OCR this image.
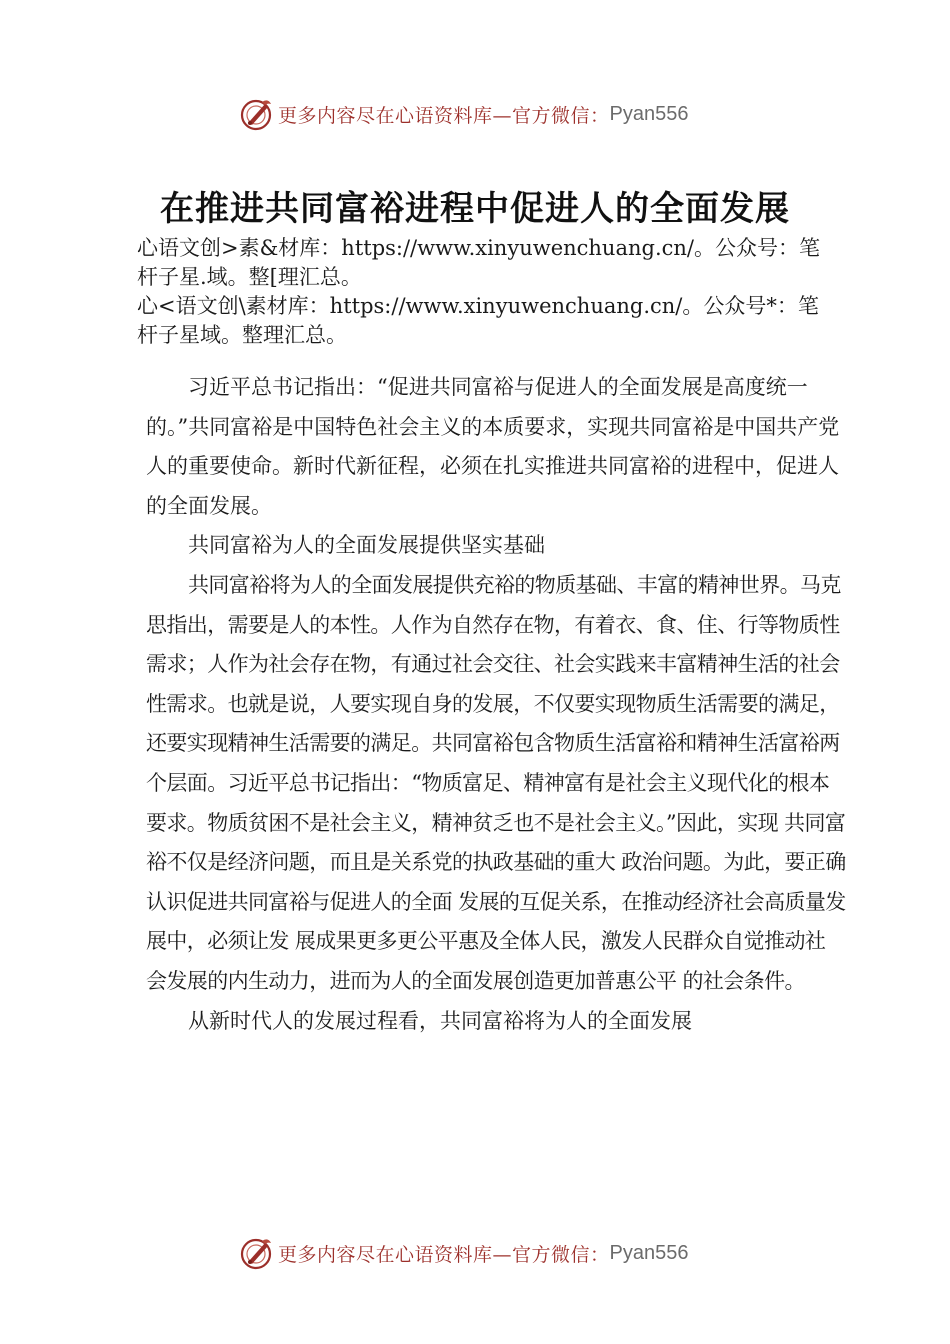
更多内容尽在心语资料库—官方微信： Pyan556
在推进共同富裕进程中促进人的全面发展

心语文创>素&材库：https://www.xinyuwenchuang.cn/。公众号：笔杆子星.域。整[理汇总。

心<语文创\素材库：https://www.xinyuwenchuang.cn/。公众号*：笔杆子星域。整理汇总。

习近平总书记指出：“促进共同富裕与促进人的全面发展是高度统一的。”共同富裕是中国特色社会主义的本质要求，实现共同富裕是中国共产党人的重要使命。新时代新征程，必须在扎实推进共同富裕的进程中，促进人的全面发展。

共同富裕为人的全面发展提供坚实基础

共同富裕将为人的全面发展提供充裕的物质基础、丰富的精神世界。马克思指出，需要是人的本性。人作为自然存在物，有着衣、食、住、行等物质性需求；人作为社会存在物，有通过社会交往、社会实践来丰富精神生活的社会性需求。也就是说，人要实现自身的发展，不仅要实现物质生活需要的满足，还要实现精神生活需要的满足。共同富裕包含物质生活富裕和精神生活富裕两个层面。习近平总书记指出：“物质富足、精神富有是社会主义现代化的根本要求。物质贫困不是社会主义，精神贫乏也不是社会主义。”因此，实现 共同富裕不仅是经济问题，而且是关系党的执政基础的重大 政治问题。为此，要正确认识促进共同富裕与促进人的全面 发展的互促关系，在推动经济社会高质量发展中，必须让发 展成果更多更公平惠及全体人民，激发人民群众自觉推动社 会发展的内生动力，进而为人的全面发展创造更加普惠公平 的社会条件。

从新时代人的发展过程看，共同富裕将为人的全面发展

更多内容尽在心语资料库—官方微信： Pyan556
